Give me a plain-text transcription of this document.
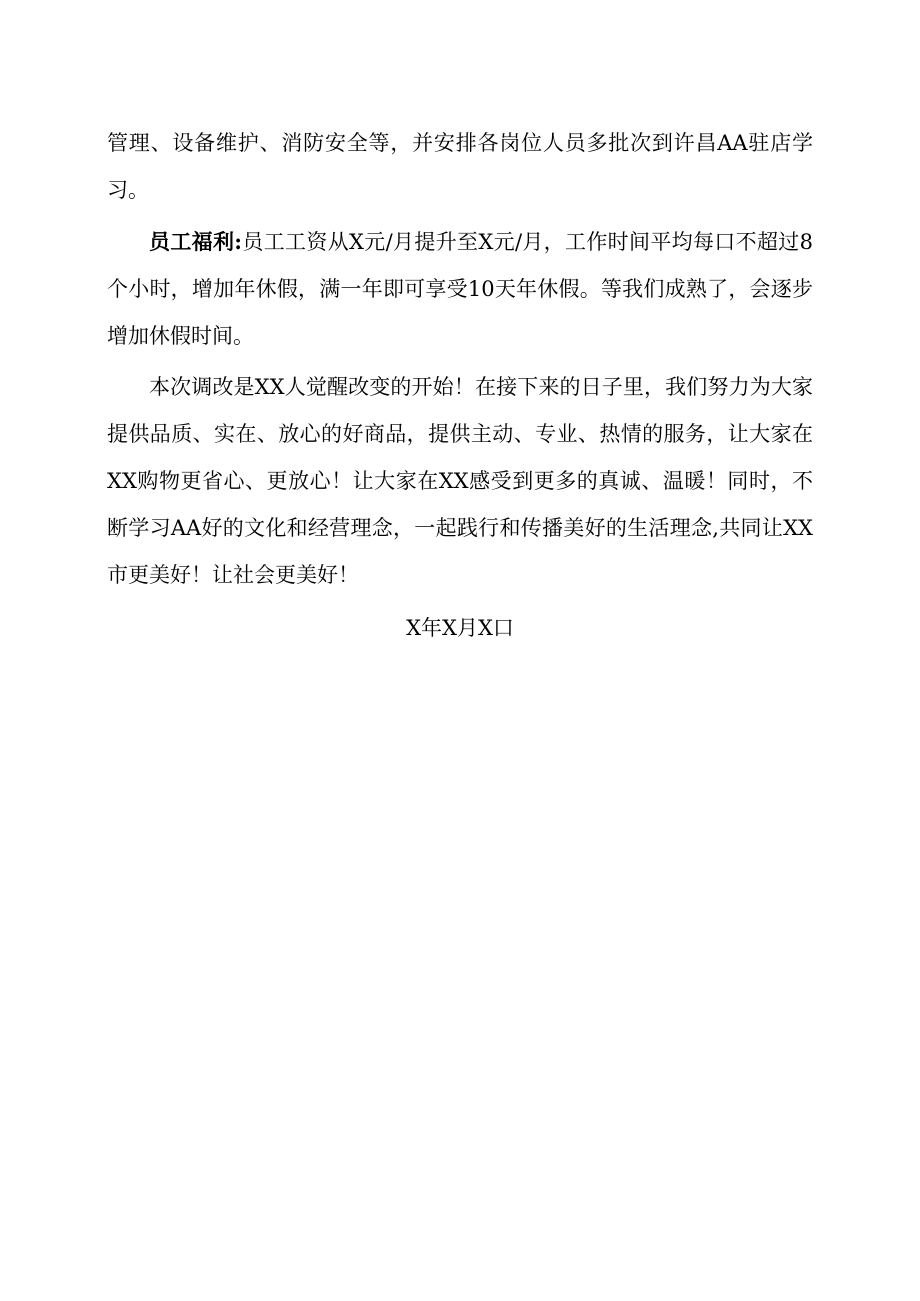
管理、设备维护、消防安全等，并安排各岗位人员多批次到许昌AA驻店学习。

员工福利:员工工资从X元/月提升至X元/月，工作时间平均每口不超过8个小时，增加年休假，满一年即可享受10天年休假。等我们成熟了，会逐步增加休假时间。

本次调改是XX人觉醒改变的开始！在接下来的日子里，我们努力为大家提供品质、实在、放心的好商品，提供主动、专业、热情的服务，让大家在XX购物更省心、更放心！让大家在XX感受到更多的真诚、温暖！同时，不断学习AA好的文化和经营理念，一起践行和传播美好的生活理念,共同让XX市更美好！让社会更美好！

X年X月X口
